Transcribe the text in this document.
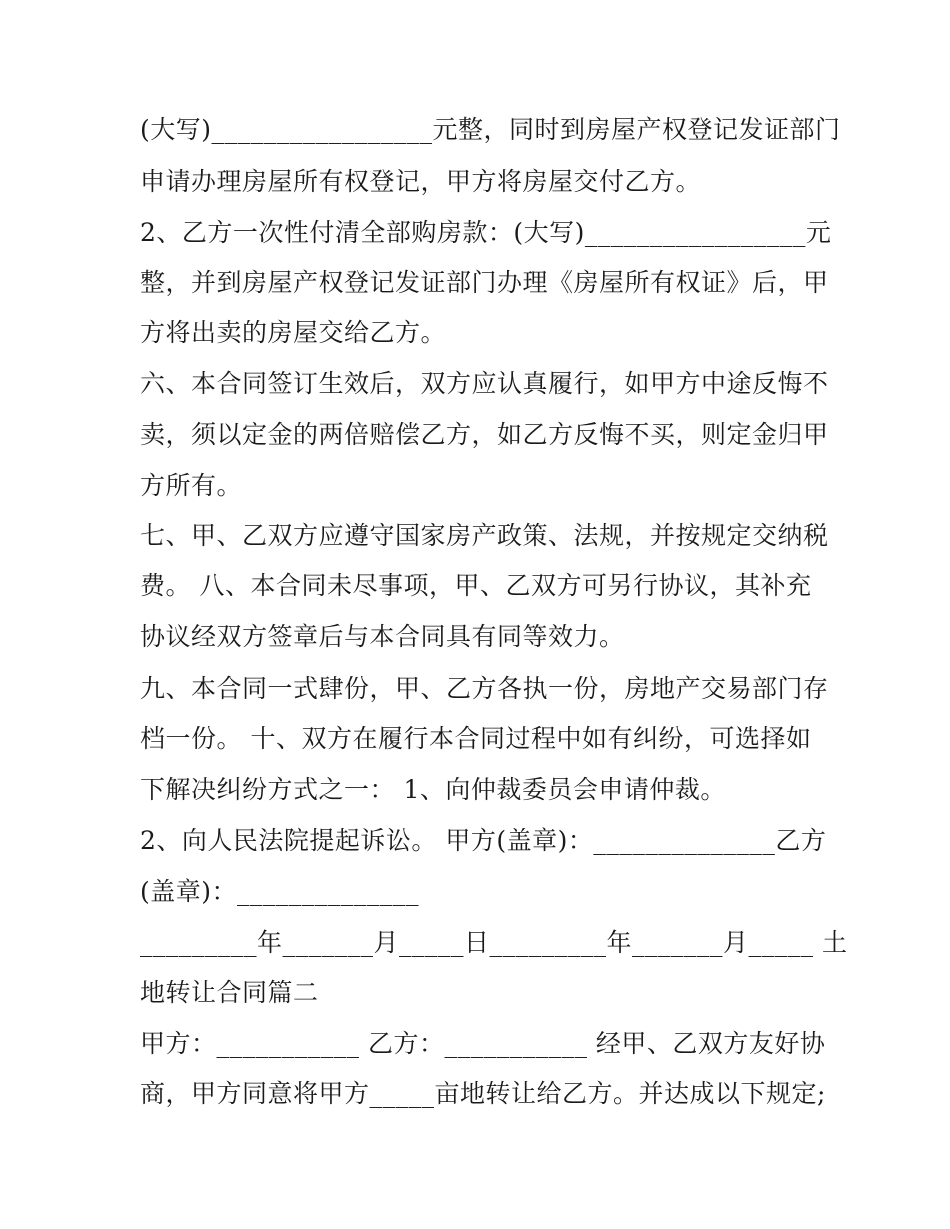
(大写)_________________元整，同时到房屋产权登记发证部门

申请办理房屋所有权登记，甲方将房屋交付乙方。

2、乙方一次性付清全部购房款：(大写)_________________元

整，并到房屋产权登记发证部门办理《房屋所有权证》后，甲

方将出卖的房屋交给乙方。

六、本合同签订生效后，双方应认真履行，如甲方中途反悔不

卖，须以定金的两倍赔偿乙方，如乙方反悔不买，则定金归甲

方所有。

七、甲、乙双方应遵守国家房产政策、法规，并按规定交纳税

费。 八、本合同未尽事项，甲、乙双方可另行协议，其补充

协议经双方签章后与本合同具有同等效力。

九、本合同一式肆份，甲、乙方各执一份，房地产交易部门存

档一份。 十、双方在履行本合同过程中如有纠纷，可选择如

下解决纠纷方式之一： 1、向仲裁委员会申请仲裁。

2、向人民法院提起诉讼。 甲方(盖章)：______________乙方

(盖章)：______________

_________年_______月_____日_________年_______月_____ 土

地转让合同篇二

甲方：___________ 乙方：___________ 经甲、乙双方友好协

商，甲方同意将甲方_____亩地转让给乙方。并达成以下规定;
